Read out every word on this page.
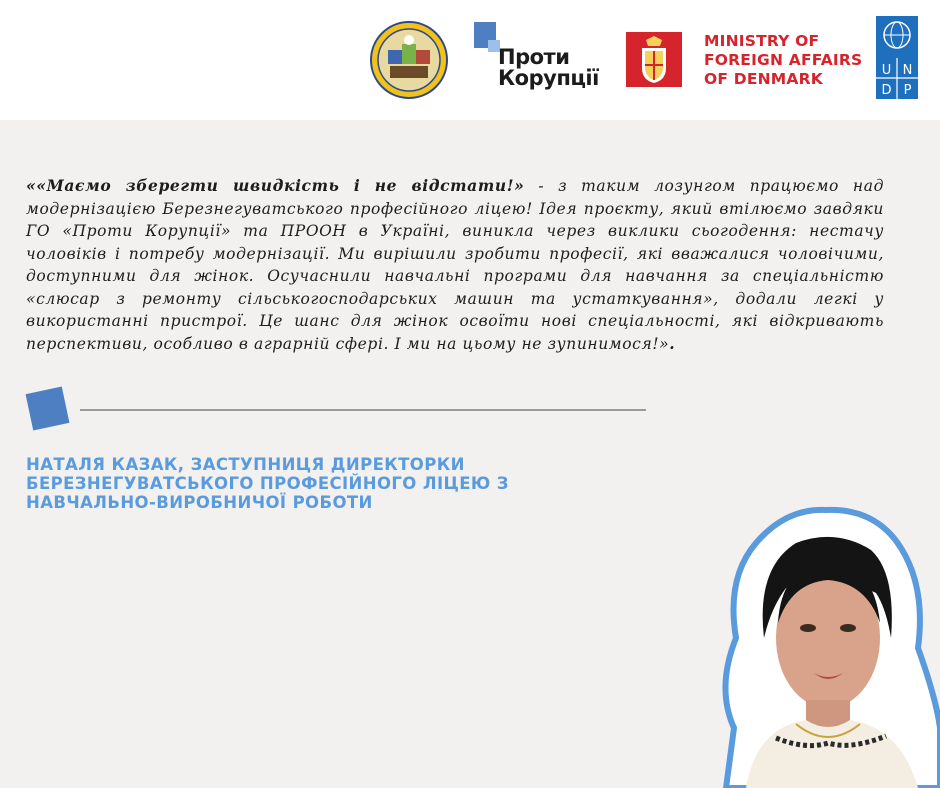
Проти
Корупції
MINISTRY OF
FOREIGN AFFAIRS
OF DENMARK	U N
D P
««Маємо зберегти швидкість і не відстати!» - з таким лозунгом працюємо над модернізацією Березнегуватського професійного ліцею! Ідея проєкту, який втілюємо завдяки ГО «Проти Корупції» та ПРООН в Україні, виникла через виклики сьогодення: нестачу чоловіків і потребу модернізації. Ми вирішили зробити професії, які вважалися чоловічими, доступними для жінок. Осучаснили навчальні програми для навчання за спеціальністю «слюсар з ремонту сільськогосподарських машин та устаткування», додали легкі у використанні пристрої. Це шанс для жінок освоїти нові спеціальності, які відкривають перспективи, особливо в аграрній сфері. І ми на цьому не зупинимося!».
НАТАЛЯ КАЗАК, ЗАСТУПНИЦЯ ДИРЕКТОРКИ
БЕРЕЗНЕГУВАТСЬКОГО ПРОФЕСІЙНОГО ЛІЦЕЮ З
НАВЧАЛЬНО-ВИРОБНИЧОЇ РОБОТИ
